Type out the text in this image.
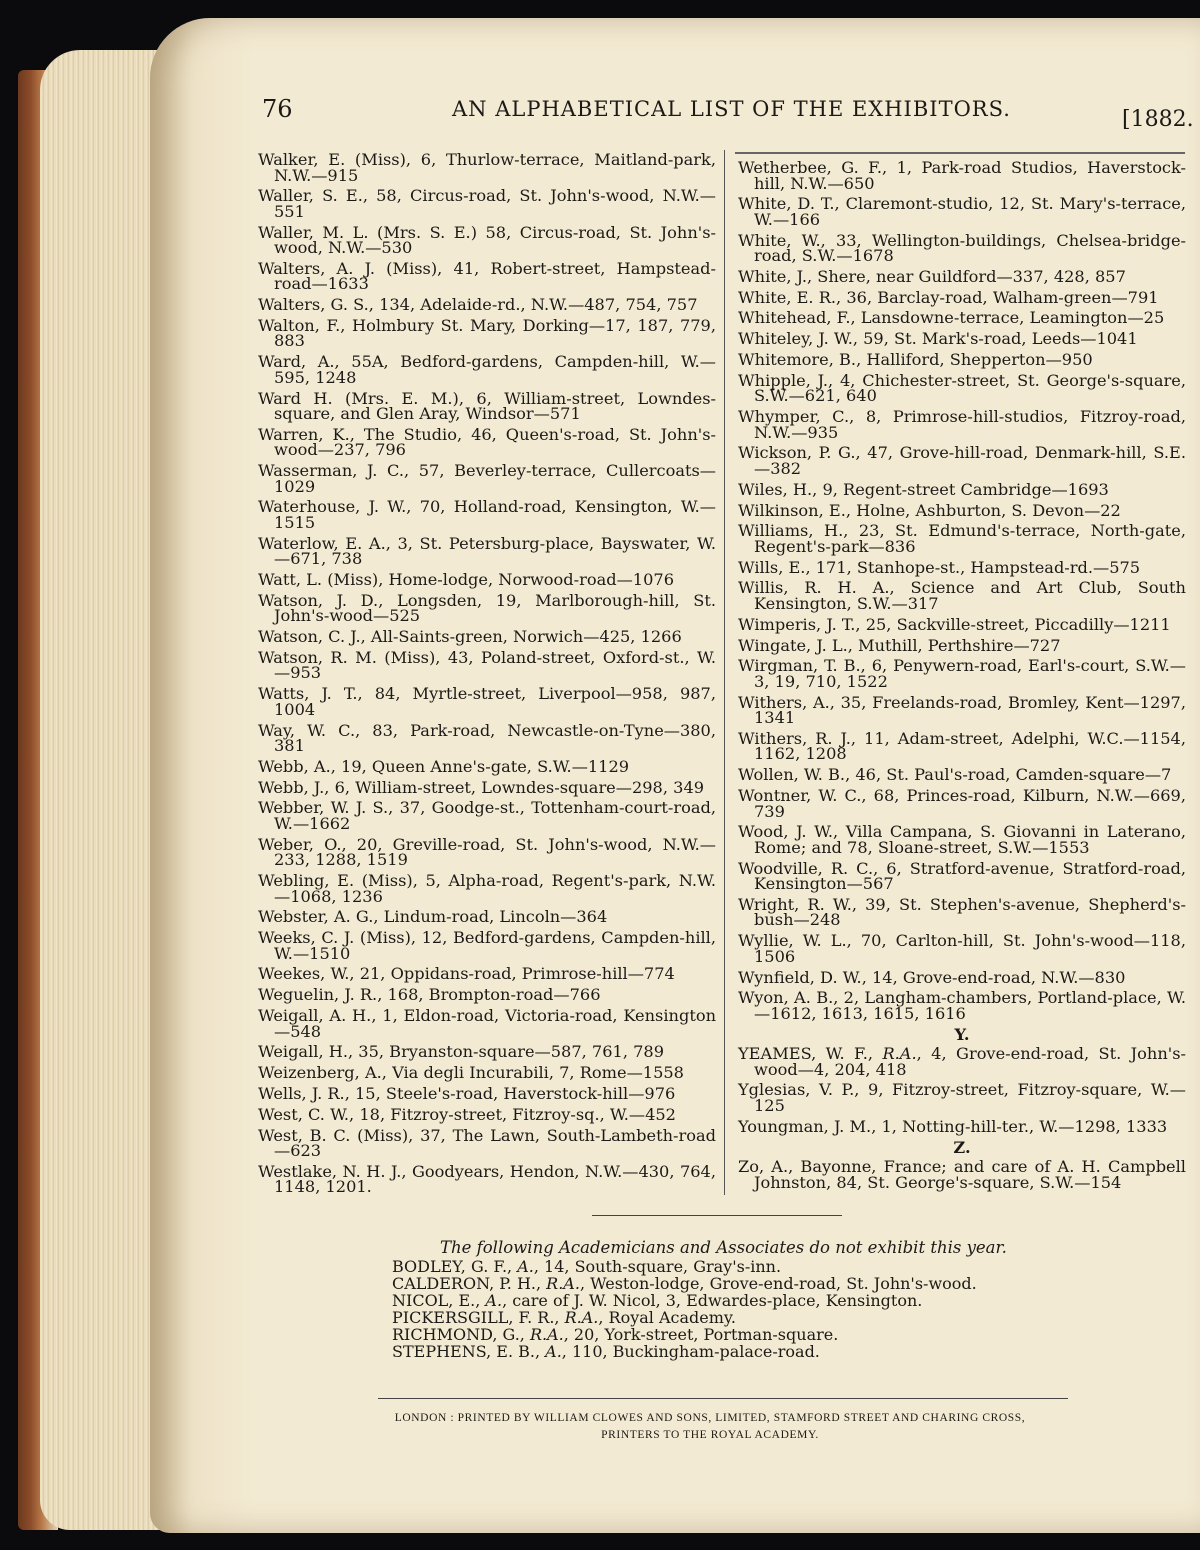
76	AN ALPHABETICAL LIST OF THE EXHIBITORS.	[1882.

Walker, E. (Miss), 6, Thurlow-terrace, Maitland-park, N.W.—915

Waller, S. E., 58, Circus-road, St. John's-wood, N.W.—551

Waller, M. L. (Mrs. S. E.) 58, Circus-road, St. John's-wood, N.W.—530

Walters, A. J. (Miss), 41, Robert-street, Hampstead-road—1633

Walters, G. S., 134, Adelaide-rd., N.W.—487, 754, 757

Walton, F., Holmbury St. Mary, Dorking—17, 187, 779, 883

Ward, A., 55A, Bedford-gardens, Campden-hill, W.—595, 1248

Ward H. (Mrs. E. M.), 6, William-street, Lowndes-square, and Glen Aray, Windsor—571

Warren, K., The Studio, 46, Queen's-road, St. John's-wood—237, 796

Wasserman, J. C., 57, Beverley-terrace, Cullercoats—1029

Waterhouse, J. W., 70, Holland-road, Kensington, W.—1515

Waterlow, E. A., 3, St. Petersburg-place, Bayswater, W.—671, 738

Watt, L. (Miss), Home-lodge, Norwood-road—1076

Watson, J. D., Longsden, 19, Marlborough-hill, St. John's-wood—525

Watson, C. J., All-Saints-green, Norwich—425, 1266

Watson, R. M. (Miss), 43, Poland-street, Oxford-st., W.—953

Watts, J. T., 84, Myrtle-street, Liverpool—958, 987, 1004

Way, W. C., 83, Park-road, Newcastle-on-Tyne—380, 381

Webb, A., 19, Queen Anne's-gate, S.W.—1129

Webb, J., 6, William-street, Lowndes-square—298, 349

Webber, W. J. S., 37, Goodge-st., Tottenham-court-road, W.—1662

Weber, O., 20, Greville-road, St. John's-wood, N.W.—233, 1288, 1519

Webling, E. (Miss), 5, Alpha-road, Regent's-park, N.W.—1068, 1236

Webster, A. G., Lindum-road, Lincoln—364

Weeks, C. J. (Miss), 12, Bedford-gardens, Campden-hill, W.—1510

Weekes, W., 21, Oppidans-road, Primrose-hill—774

Weguelin, J. R., 168, Brompton-road—766

Weigall, A. H., 1, Eldon-road, Victoria-road, Kensington—548

Weigall, H., 35, Bryanston-square—587, 761, 789

Weizenberg, A., Via degli Incurabili, 7, Rome—1558

Wells, J. R., 15, Steele's-road, Haverstock-hill—976

West, C. W., 18, Fitzroy-street, Fitzroy-sq., W.—452

West, B. C. (Miss), 37, The Lawn, South-Lambeth-road—623

Westlake, N. H. J., Goodyears, Hendon, N.W.—430, 764, 1148, 1201.

Wetherbee, G. F., 1, Park-road Studios, Haverstock-hill, N.W.—650

White, D. T., Claremont-studio, 12, St. Mary's-terrace, W.—166

White, W., 33, Wellington-buildings, Chelsea-bridge-road, S.W.—1678

White, J., Shere, near Guildford—337, 428, 857

White, E. R., 36, Barclay-road, Walham-green—791

Whitehead, F., Lansdowne-terrace, Leamington—25

Whiteley, J. W., 59, St. Mark's-road, Leeds—1041

Whitemore, B., Halliford, Shepperton—950

Whipple, J., 4, Chichester-street, St. George's-square, S.W.—621, 640

Whymper, C., 8, Primrose-hill-studios, Fitzroy-road, N.W.—935

Wickson, P. G., 47, Grove-hill-road, Denmark-hill, S.E.—382

Wiles, H., 9, Regent-street Cambridge—1693

Wilkinson, E., Holne, Ashburton, S. Devon—22

Williams, H., 23, St. Edmund's-terrace, North-gate, Regent's-park—836

Wills, E., 171, Stanhope-st., Hampstead-rd.—575

Willis, R. H. A., Science and Art Club, South Kensington, S.W.—317

Wimperis, J. T., 25, Sackville-street, Piccadilly—1211

Wingate, J. L., Muthill, Perthshire—727

Wirgman, T. B., 6, Penywern-road, Earl's-court, S.W.—3, 19, 710, 1522

Withers, A., 35, Freelands-road, Bromley, Kent—1297, 1341

Withers, R. J., 11, Adam-street, Adelphi, W.C.—1154, 1162, 1208

Wollen, W. B., 46, St. Paul's-road, Camden-square—7

Wontner, W. C., 68, Princes-road, Kilburn, N.W.—669, 739

Wood, J. W., Villa Campana, S. Giovanni in Laterano, Rome; and 78, Sloane-street, S.W.—1553

Woodville, R. C., 6, Stratford-avenue, Stratford-road, Kensington—567

Wright, R. W., 39, St. Stephen's-avenue, Shepherd's-bush—248

Wyllie, W. L., 70, Carlton-hill, St. John's-wood—118, 1506

Wynfield, D. W., 14, Grove-end-road, N.W.—830

Wyon, A. B., 2, Langham-chambers, Portland-place, W.—1612, 1613, 1615, 1616

Y.

YEAMES, W. F., R.A., 4, Grove-end-road, St. John's-wood—4, 204, 418

Yglesias, V. P., 9, Fitzroy-street, Fitzroy-square, W.—125

Youngman, J. M., 1, Notting-hill-ter., W.—1298, 1333

Z.

Zo, A., Bayonne, France; and care of A. H. Campbell Johnston, 84, St. George's-square, S.W.—154

The following Academicians and Associates do not exhibit this year.

BODLEY, G. F., A., 14, South-square, Gray's-inn.

CALDERON, P. H., R.A., Weston-lodge, Grove-end-road, St. John's-wood.

NICOL, E., A., care of J. W. Nicol, 3, Edwardes-place, Kensington.

PICKERSGILL, F. R., R.A., Royal Academy.

RICHMOND, G., R.A., 20, York-street, Portman-square.

STEPHENS, E. B., A., 110, Buckingham-palace-road.

LONDON : PRINTED BY WILLIAM CLOWES AND SONS, LIMITED, STAMFORD STREET AND CHARING CROSS,
PRINTERS TO THE ROYAL ACADEMY.
